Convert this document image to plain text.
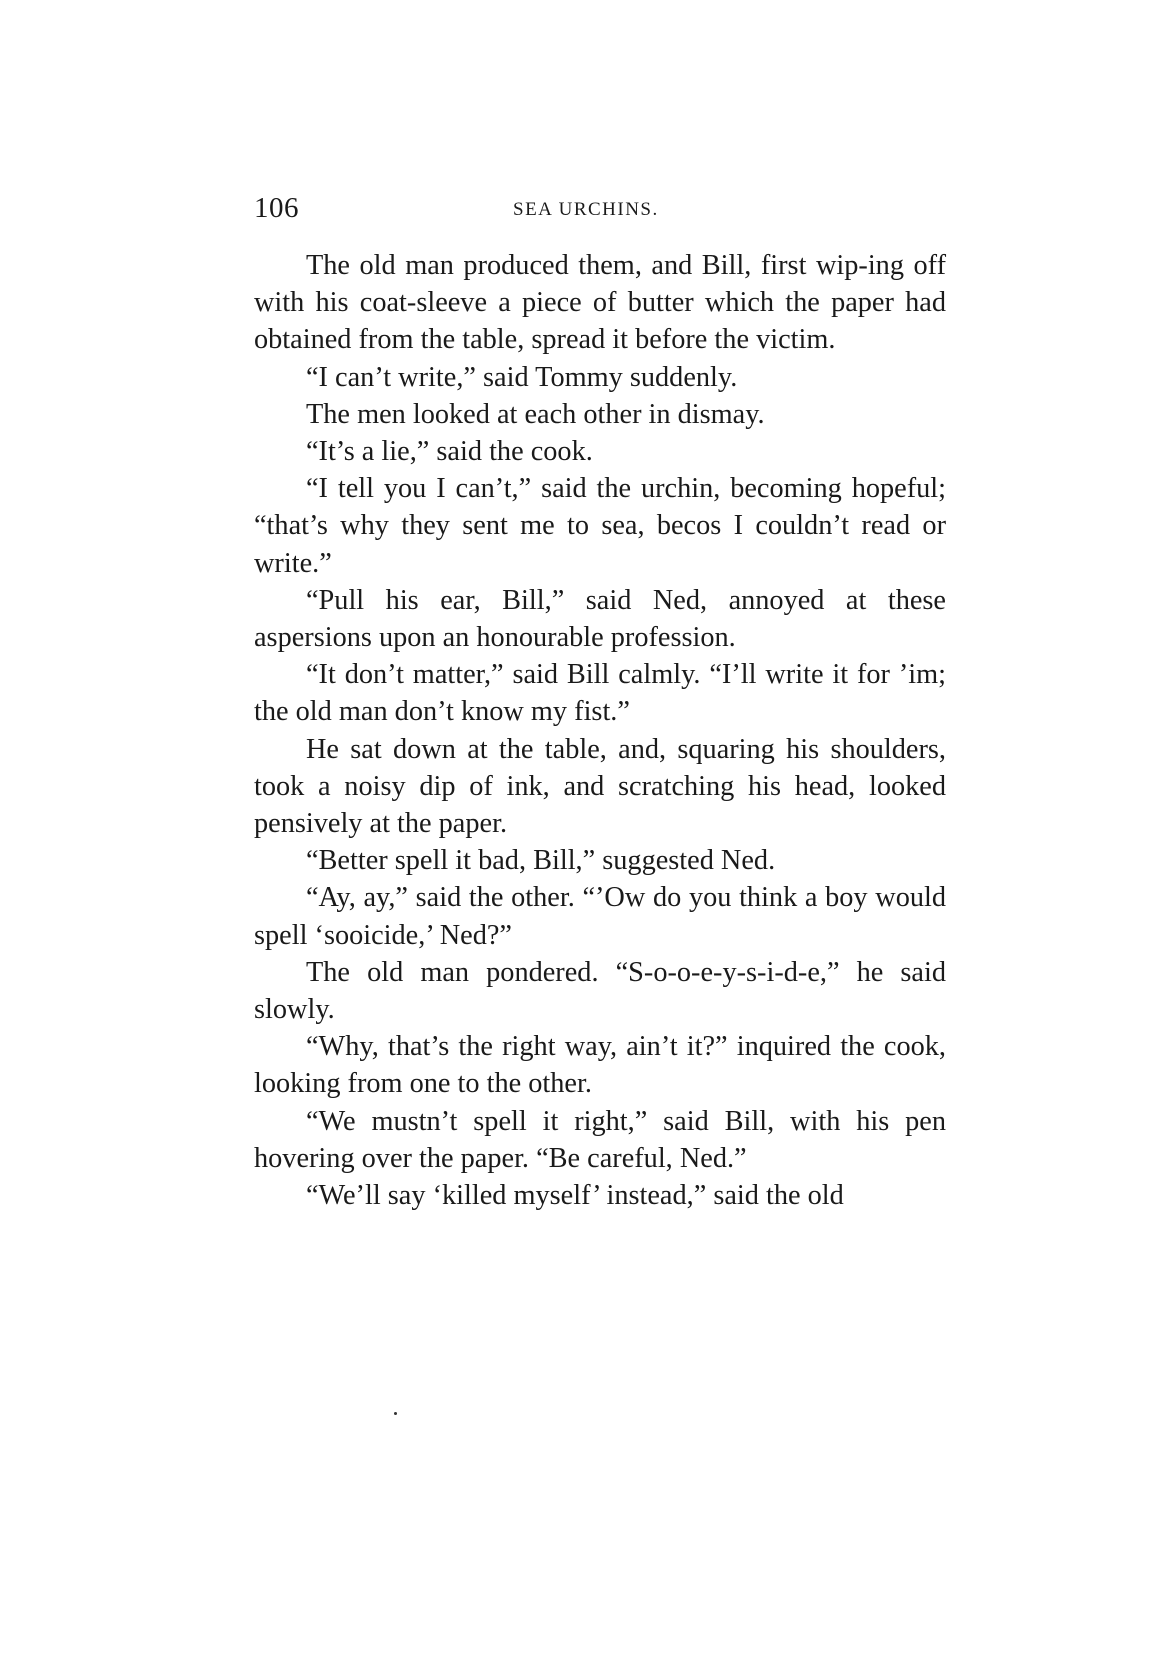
106	SEA URCHINS.

The old man produced them, and Bill, first wip-ing off with his coat-sleeve a piece of butter which the paper had obtained from the table, spread it before the victim.

“I can’t write,” said Tommy suddenly.

The men looked at each other in dismay.

“It’s a lie,” said the cook.

“I tell you I can’t,” said the urchin, becoming hopeful; “that’s why they sent me to sea, becos I couldn’t read or write.”

“Pull his ear, Bill,” said Ned, annoyed at these aspersions upon an honourable profession.

“It don’t matter,” said Bill calmly. “I’ll write it for ’im; the old man don’t know my fist.”

He sat down at the table, and, squaring his shoulders, took a noisy dip of ink, and scratching his head, looked pensively at the paper.

“Better spell it bad, Bill,” suggested Ned.

“Ay, ay,” said the other. “’Ow do you think a boy would spell ‘sooicide,’ Ned?”

The old man pondered. “S-o-o-e-y-s-i-d-e,” he said slowly.

“Why, that’s the right way, ain’t it?” inquired the cook, looking from one to the other.

“We mustn’t spell it right,” said Bill, with his pen hovering over the paper. “Be careful, Ned.”

“We’ll say ‘killed myself’ instead,” said the old
